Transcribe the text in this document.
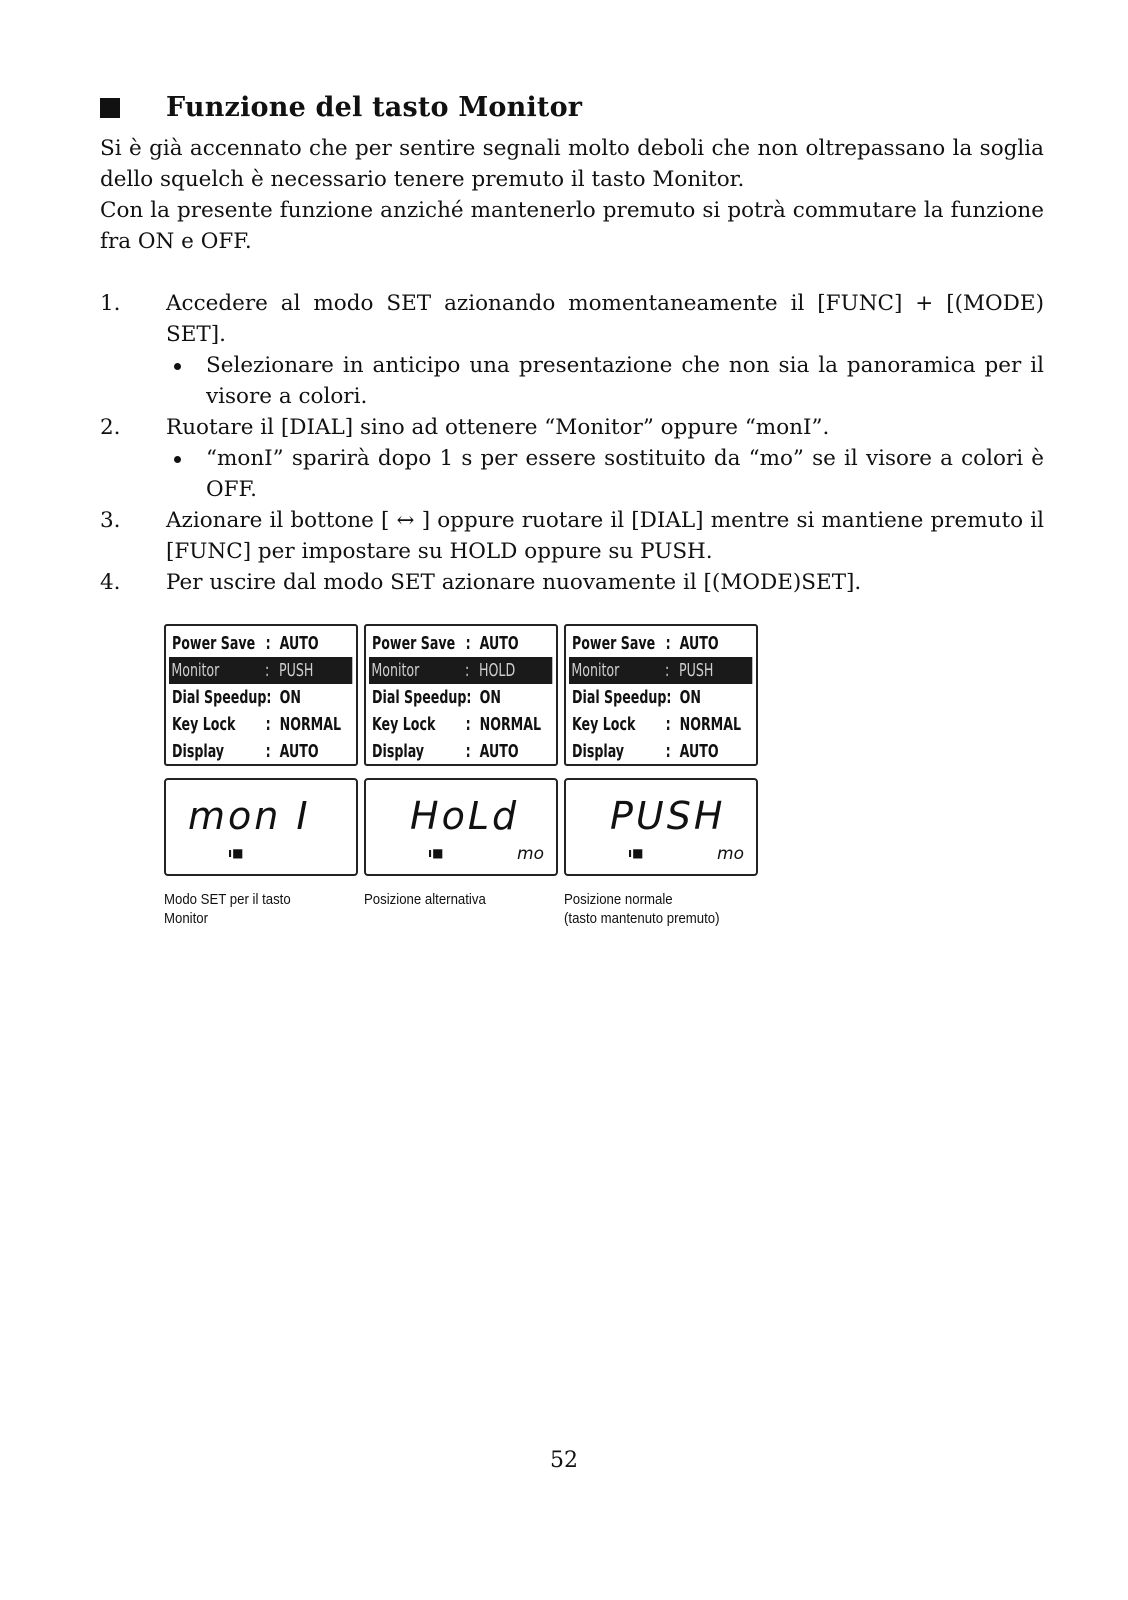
Funzione del tasto Monitor

Si è già accennato che per sentire segnali molto deboli che non oltrepassano la soglia dello squelch è necessario tenere premuto il tasto Monitor.

Con la presente funzione anziché mantenerlo premuto si potrà commutare la funzione fra ON e OFF.

1. Accedere al modo SET azionando momentaneamente il [FUNC] + [(MODE) SET].
Selezionare in anticipo una presentazione che non sia la panoramica per il visore a colori.
2. Ruotare il [DIAL] sino ad ottenere “Monitor” oppure “monI”.
“monI” sparirà dopo 1 s per essere sostituito da “mo” se il visore a colori è OFF.
3. Azionare il bottone [ ↔ ] oppure ruotare il [DIAL] mentre si mantiene premuto il [FUNC] per impostare su HOLD oppure su PUSH.
4. Per uscire dal modo SET azionare nuovamente il [(MODE)SET].
Power Save : AUTO
Monitor	: PUSH
Dial Speedup: ON
Key Lock	: NORMAL
Display	: AUTO
mon I
ı■
Modo SET per il tasto
Monitor
Power Save : AUTO
Monitor	: HOLD
Dial Speedup: ON
Key Lock	: NORMAL
Display	: AUTO
HoLd
ı■	mo
Posizione alternativa
Power Save : AUTO
Monitor	: PUSH
Dial Speedup: ON
Key Lock	: NORMAL
Display	: AUTO
PUSH
ı■	mo
Posizione normale
(tasto mantenuto premuto)
52
